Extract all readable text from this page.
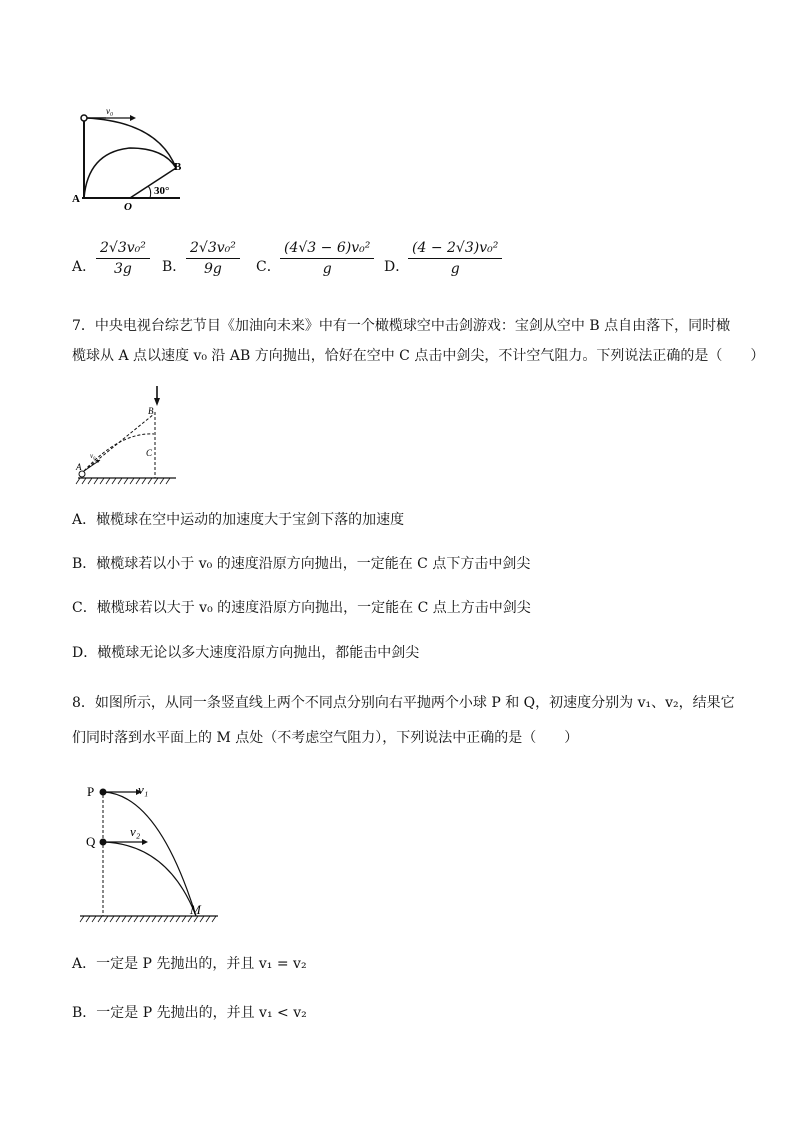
v₀
B
A
O
30°
A． $\frac{\text{2√3v₀²}}{3g}$ B． $\frac{\text{2√3v₀²}}{9g}$ C． $\frac{\text{(4√3 − 6)v₀²}}{g}$ D．
$\frac{\text{(4 − 2√3)v₀²}}{g}$
7．中央电视台综艺节目《加油向未来》中有一个橄榄球空中击剑游戏：宝剑从空中 B 点自由落下，同时橄
榄球从 A 点以速度 v₀ 沿 AB 方向抛出，恰好在空中 C 点击中剑尖，不计空气阻力。下列说法正确的是（　　）
B
C
A
v₀
A．橄榄球在空中运动的加速度大于宝剑下落的加速度
B．橄榄球若以小于 v₀ 的速度沿原方向抛出，一定能在 C 点下方击中剑尖
C．橄榄球若以大于 v₀ 的速度沿原方向抛出，一定能在 C 点上方击中剑尖
D．橄榄球无论以多大速度沿原方向抛出，都能击中剑尖
8．如图所示，从同一条竖直线上两个不同点分别向右平抛两个小球 P 和 Q，初速度分别为 v₁、v₂，结果它
们同时落到水平面上的 M 点处（不考虑空气阻力），下列说法中正确的是（　　）
P
Q
v₁
v₂
M
A．一定是 P 先抛出的，并且 v₁ = v₂
B．一定是 P 先抛出的，并且 v₁ < v₂
